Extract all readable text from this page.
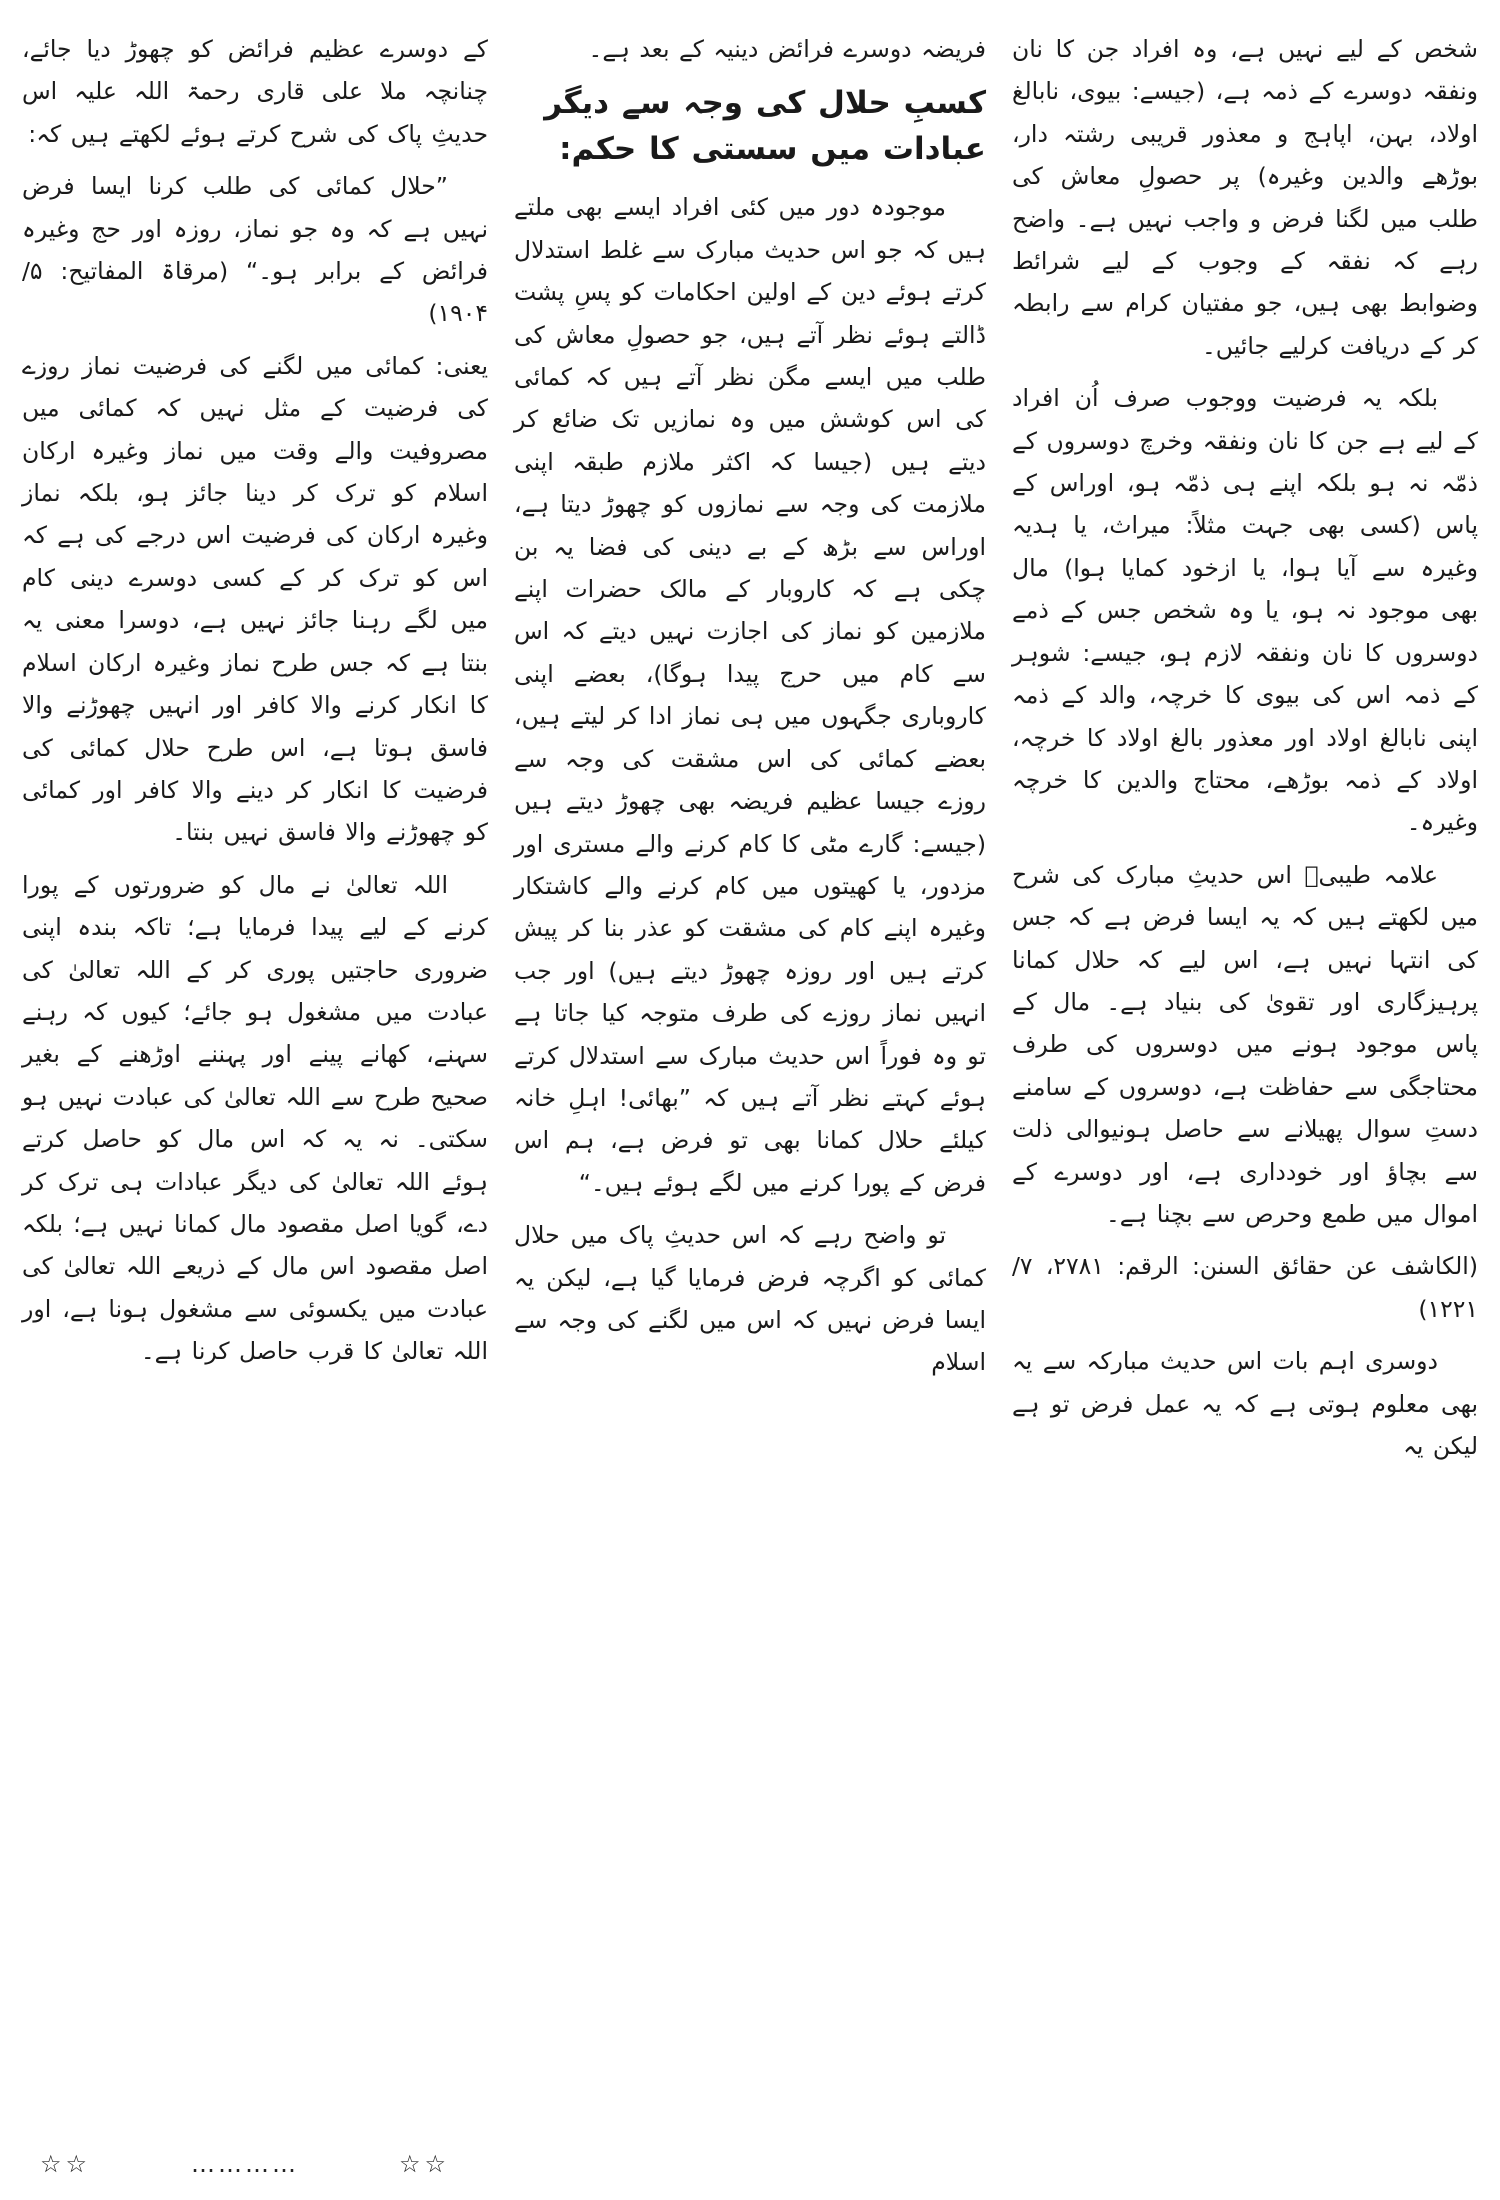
شخص کے لیے نہیں ہے، وہ افراد جن کا نان ونفقہ دوسرے کے ذمہ ہے، (جیسے: بیوی، نابالغ اولاد، بہن، اپاہج و معذور قریبی رشتہ دار، بوڑھے والدین وغیرہ) پر حصولِ معاش کی طلب میں لگنا فرض و واجب نہیں ہے۔ واضح رہے کہ نفقہ کے وجوب کے لیے شرائط وضوابط بھی ہیں، جو مفتیان کرام سے رابطہ کر کے دریافت کرلیے جائیں۔

بلکہ یہ فرضیت ووجوب صرف اُن افراد کے لیے ہے جن کا نان ونفقہ وخرچ دوسروں کے ذمّہ نہ ہو بلکہ اپنے ہی ذمّہ ہو، اوراس کے پاس (کسی بھی جہت مثلاً: میراث، یا ہدیہ وغیرہ سے آیا ہوا، یا ازخود کمایا ہوا) مال بھی موجود نہ ہو، یا وہ شخص جس کے ذمے دوسروں کا نان ونفقہ لازم ہو، جیسے: شوہر کے ذمہ اس کی بیوی کا خرچہ، والد کے ذمہ اپنی نابالغ اولاد اور معذور بالغ اولاد کا خرچہ، اولاد کے ذمہ بوڑھے، محتاج والدین کا خرچہ وغیرہ۔

علامہ طیبیؒ اس حدیثِ مبارک کی شرح میں لکھتے ہیں کہ یہ ایسا فرض ہے کہ جس کی انتہا نہیں ہے، اس لیے کہ حلال کمانا پرہیزگاری اور تقویٰ کی بنیاد ہے۔ مال کے پاس موجود ہونے میں دوسروں کی طرف محتاجگی سے حفاظت ہے، دوسروں کے سامنے دستِ سوال پھیلانے سے حاصل ہونیوالی ذلت سے بچاؤ اور خودداری ہے، اور دوسرے کے اموال میں طمع وحرص سے بچنا ہے۔

(الکاشف عن حقائق السنن: الرقم: ۲۷۸۱، ۷/ ۱۲۲۱)

دوسری اہم بات اس حدیث مبارکہ سے یہ بھی معلوم ہوتی ہے کہ یہ عمل فرض تو ہے لیکن یہ

فریضہ دوسرے فرائض دینیہ کے بعد ہے۔

کسبِ حلال کی وجہ سے دیگر عبادات میں سستی کا حکم:

موجودہ دور میں کئی افراد ایسے بھی ملتے ہیں کہ جو اس حدیث مبارک سے غلط استدلال کرتے ہوئے دین کے اولین احکامات کو پسِ پشت ڈالتے ہوئے نظر آتے ہیں، جو حصولِ معاش کی طلب میں ایسے مگن نظر آتے ہیں کہ کمائی کی اس کوشش میں وہ نمازیں تک ضائع کر دیتے ہیں (جیسا کہ اکثر ملازم طبقہ اپنی ملازمت کی وجہ سے نمازوں کو چھوڑ دیتا ہے، اوراس سے بڑھ کے بے دینی کی فضا یہ بن چکی ہے کہ کاروبار کے مالک حضرات اپنے ملازمین کو نماز کی اجازت نہیں دیتے کہ اس سے کام میں حرج پیدا ہوگا)، بعضے اپنی کاروباری جگہوں میں ہی نماز ادا کر لیتے ہیں، بعضے کمائی کی اس مشقت کی وجہ سے روزے جیسا عظیم فریضہ بھی چھوڑ دیتے ہیں (جیسے: گارے مٹی کا کام کرنے والے مستری اور مزدور، یا کھیتوں میں کام کرنے والے کاشتکار وغیرہ اپنے کام کی مشقت کو عذر بنا کر پیش کرتے ہیں اور روزہ چھوڑ دیتے ہیں) اور جب انہیں نماز روزے کی طرف متوجہ کیا جاتا ہے تو وہ فوراً اس حدیث مبارک سے استدلال کرتے ہوئے کہتے نظر آتے ہیں کہ ”بھائی! اہلِ خانہ کیلئے حلال کمانا بھی تو فرض ہے، ہم اس فرض کے پورا کرنے میں لگے ہوئے ہیں۔“

تو واضح رہے کہ اس حدیثِ پاک میں حلال کمائی کو اگرچہ فرض فرمایا گیا ہے، لیکن یہ ایسا فرض نہیں کہ اس میں لگنے کی وجہ سے اسلام

کے دوسرے عظیم فرائض کو چھوڑ دیا جائے، چنانچہ ملا علی قاری رحمۃ اللہ علیہ اس حدیثِ پاک کی شرح کرتے ہوئے لکھتے ہیں کہ:

”حلال کمائی کی طلب کرنا ایسا فرض نہیں ہے کہ وہ جو نماز، روزہ اور حج وغیرہ فرائض کے برابر ہو۔“ (مرقاۃ المفاتیح: ۵/ ۱۹۰۴)

یعنی: کمائی میں لگنے کی فرضیت نماز روزے کی فرضیت کے مثل نہیں کہ کمائی میں مصروفیت والے وقت میں نماز وغیرہ ارکان اسلام کو ترک کر دینا جائز ہو، بلکہ نماز وغیرہ ارکان کی فرضیت اس درجے کی ہے کہ اس کو ترک کر کے کسی دوسرے دینی کام میں لگے رہنا جائز نہیں ہے، دوسرا معنی یہ بنتا ہے کہ جس طرح نماز وغیرہ ارکان اسلام کا انکار کرنے والا کافر اور انہیں چھوڑنے والا فاسق ہوتا ہے، اس طرح حلال کمائی کی فرضیت کا انکار کر دینے والا کافر اور کمائی کو چھوڑنے والا فاسق نہیں بنتا۔

اللہ تعالیٰ نے مال کو ضرورتوں کے پورا کرنے کے لیے پیدا فرمایا ہے؛ تاکہ بندہ اپنی ضروری حاجتیں پوری کر کے اللہ تعالیٰ کی عبادت میں مشغول ہو جائے؛ کیوں کہ رہنے سہنے، کھانے پینے اور پہننے اوڑھنے کے بغیر صحیح طرح سے اللہ تعالیٰ کی عبادت نہیں ہو سکتی۔ نہ یہ کہ اس مال کو حاصل کرتے ہوئے اللہ تعالیٰ کی دیگر عبادات ہی ترک کر دے، گویا اصل مقصود مال کمانا نہیں ہے؛ بلکہ اصل مقصود اس مال کے ذریعے اللہ تعالیٰ کی عبادت میں یکسوئی سے مشغول ہونا ہے، اور اللہ تعالیٰ کا قرب حاصل کرنا ہے۔

☆☆	…………	☆☆
